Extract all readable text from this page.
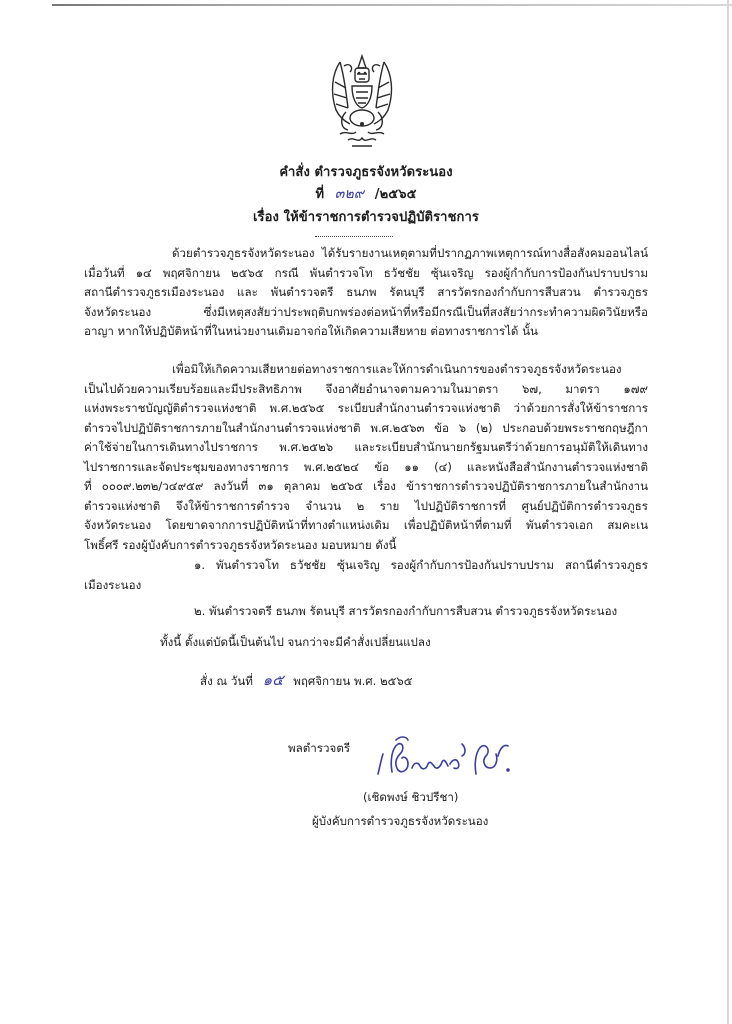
คำสั่ง ตำรวจภูธรจังหวัดระนอง
ที่ ๓๒๙ /๒๕๖๕
เรื่อง ให้ข้าราชการตำรวจปฏิบัติราชการ
ด้วยตำรวจภูธรจังหวัดระนอง ได้รับรายงานเหตุตามที่ปรากฏภาพเหตุการณ์ทางสื่อสังคมออนไลน์
เมื่อวันที่ ๑๔ พฤศจิกายน ๒๕๖๕ กรณี พันตำรวจโท ธวัชชัย ซุ้นเจริญ รองผู้กำกับการป้องกันปราบปราม
สถานีตำรวจภูธรเมืองระนอง และ พันตำรวจตรี ธนภพ รัตนบุรี สารวัตรกองกำกับการสืบสวน ตำรวจภูธร
จังหวัดระนอง ซึ่งมีเหตุสงสัยว่าประพฤติบกพร่องต่อหน้าที่หรือมีกรณีเป็นที่สงสัยว่ากระทำความผิดวินัยหรือ
อาญา หากให้ปฏิบัติหน้าที่ในหน่วยงานเดิมอาจก่อให้เกิดความเสียหาย ต่อทางราชการได้ นั้น
เพื่อมิให้เกิดความเสียหายต่อทางราชการและให้การดำเนินการของตำรวจภูธรจังหวัดระนอง
เป็นไปด้วยความเรียบร้อยและมีประสิทธิภาพ จึงอาศัยอำนาจตามความในมาตรา ๖๗, มาตรา ๑๗๙
แห่งพระราชบัญญัติตำรวจแห่งชาติ พ.ศ.๒๕๖๕ ระเบียบสำนักงานตำรวจแห่งชาติ ว่าด้วยการสั่งให้ข้าราชการ
ตำรวจไปปฏิบัติราชการภายในสำนักงานตำรวจแห่งชาติ พ.ศ.๒๕๖๓ ข้อ ๖ (๒) ประกอบด้วยพระราชกฤษฎีกา
ค่าใช้จ่ายในการเดินทางไปราชการ พ.ศ.๒๕๒๖ และระเบียบสำนักนายกรัฐมนตรีว่าด้วยการอนุมัติให้เดินทาง
ไปราชการและจัดประชุมของทางราชการ พ.ศ.๒๕๒๔ ข้อ ๑๑ (๔) และหนังสือสำนักงานตำรวจแห่งชาติ
ที่ ๐๐๐๙.๒๓๒/ว๔๙๕๙ ลงวันที่ ๓๑ ตุลาคม ๒๕๖๕ เรื่อง ข้าราชการตำรวจปฏิบัติราชการภายในสำนักงาน
ตำรวจแห่งชาติ จึงให้ข้าราชการตำรวจ จำนวน ๒ ราย ไปปฏิบัติราชการที่ ศูนย์ปฏิบัติการตำรวจภูธร
จังหวัดระนอง โดยขาดจากการปฏิบัติหน้าที่ทางตำแหน่งเดิม เพื่อปฏิบัติหน้าที่ตามที่ พันตำรวจเอก สมคะเน
โพธิ์ศรี รองผู้บังคับการตำรวจภูธรจังหวัดระนอง มอบหมาย ดังนี้
๑. พันตำรวจโท ธวัชชัย ซุ้นเจริญ รองผู้กำกับการป้องกันปราบปราม สถานีตำรวจภูธร
เมืองระนอง
๒. พันตำรวจตรี ธนภพ รัตนบุรี สารวัตรกองกำกับการสืบสวน ตำรวจภูธรจังหวัดระนอง
ทั้งนี้ ตั้งแต่บัดนี้เป็นต้นไป จนกว่าจะมีคำสั่งเปลี่ยนแปลง
สั่ง ณ วันที่ ๑๕ พฤศจิกายน พ.ศ. ๒๕๖๕
พลตำรวจตรี
(เชิดพงษ์ ชิวปรีชา)
ผู้บังคับการตำรวจภูธรจังหวัดระนอง
